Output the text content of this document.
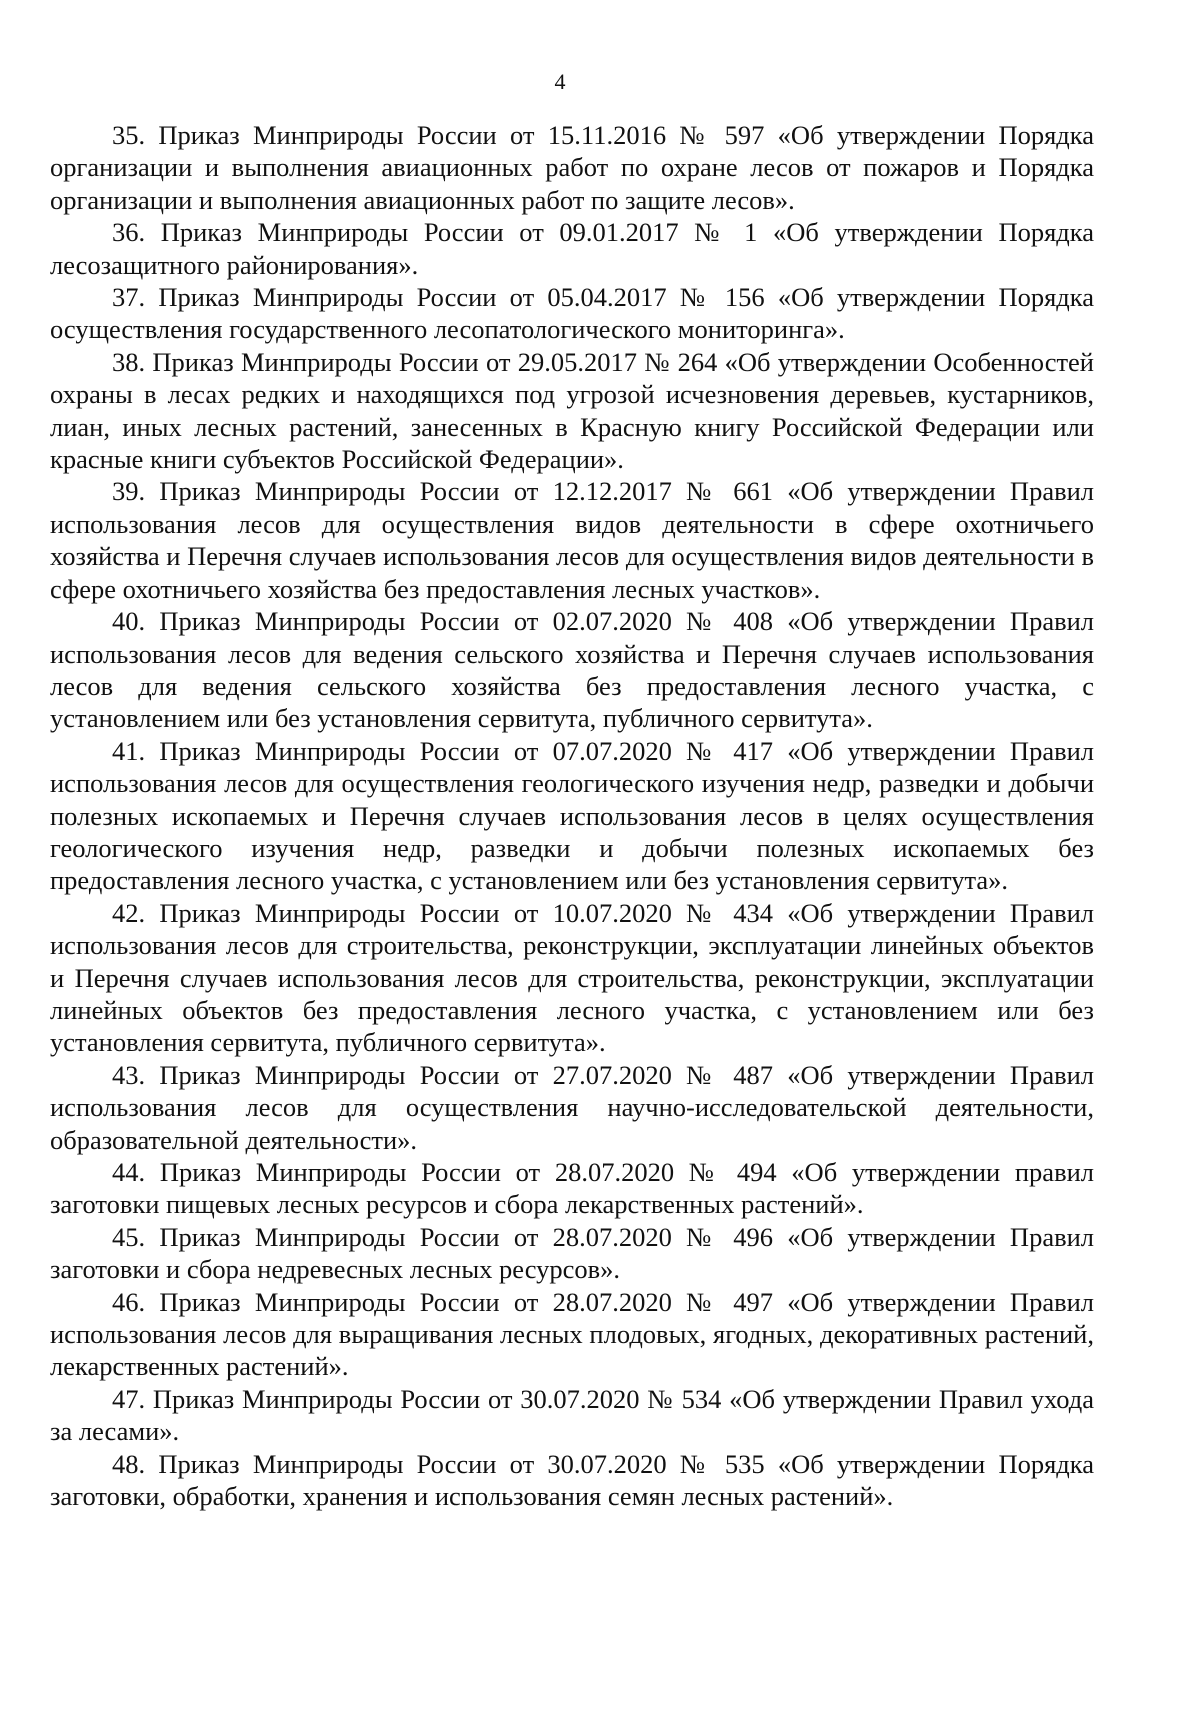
4

35. Приказ Минприроды России от 15.11.2016 № 597 «Об утверждении Порядка организации и выполнения авиационных работ по охране лесов от пожаров и Порядка организации и выполнения авиационных работ по защите лесов».

36. Приказ Минприроды России от 09.01.2017 № 1 «Об утверждении Порядка лесозащитного районирования».

37. Приказ Минприроды России от 05.04.2017 № 156 «Об утверждении Порядка осуществления государственного лесопатологического мониторинга».

38. Приказ Минприроды России от 29.05.2017 № 264 «Об утверждении Особенностей охраны в лесах редких и находящихся под угрозой исчезновения деревьев, кустарников, лиан, иных лесных растений, занесенных в Красную книгу Российской Федерации или красные книги субъектов Российской Федерации».

39. Приказ Минприроды России от 12.12.2017 № 661 «Об утверждении Правил использования лесов для осуществления видов деятельности в сфере охотничьего хозяйства и Перечня случаев использования лесов для осуществления видов деятельности в сфере охотничьего хозяйства без предоставления лесных участков».

40. Приказ Минприроды России от 02.07.2020 № 408 «Об утверждении Правил использования лесов для ведения сельского хозяйства и Перечня случаев использования лесов для ведения сельского хозяйства без предоставления лесного участка, с установлением или без установления сервитута, публичного сервитута».

41. Приказ Минприроды России от 07.07.2020 № 417 «Об утверждении Правил использования лесов для осуществления геологического изучения недр, разведки и добычи полезных ископаемых и Перечня случаев использования лесов в целях осуществления геологического изучения недр, разведки и добычи полезных ископаемых без предоставления лесного участка, с установлением или без установления сервитута».

42. Приказ Минприроды России от 10.07.2020 № 434 «Об утверждении Правил использования лесов для строительства, реконструкции, эксплуатации линейных объектов и Перечня случаев использования лесов для строительства, реконструкции, эксплуатации линейных объектов без предоставления лесного участка, с установлением или без установления сервитута, публичного сервитута».

43. Приказ Минприроды России от 27.07.2020 № 487 «Об утверждении Правил использования лесов для осуществления научно-исследовательской деятельности, образовательной деятельности».

44. Приказ Минприроды России от 28.07.2020 № 494 «Об утверждении правил заготовки пищевых лесных ресурсов и сбора лекарственных растений».

45. Приказ Минприроды России от 28.07.2020 № 496 «Об утверждении Правил заготовки и сбора недревесных лесных ресурсов».

46. Приказ Минприроды России от 28.07.2020 № 497 «Об утверждении Правил использования лесов для выращивания лесных плодовых, ягодных, декоративных растений, лекарственных растений».

47. Приказ Минприроды России от 30.07.2020 № 534 «Об утверждении Правил ухода за лесами».

48. Приказ Минприроды России от 30.07.2020 № 535 «Об утверждении Порядка заготовки, обработки, хранения и использования семян лесных растений».
